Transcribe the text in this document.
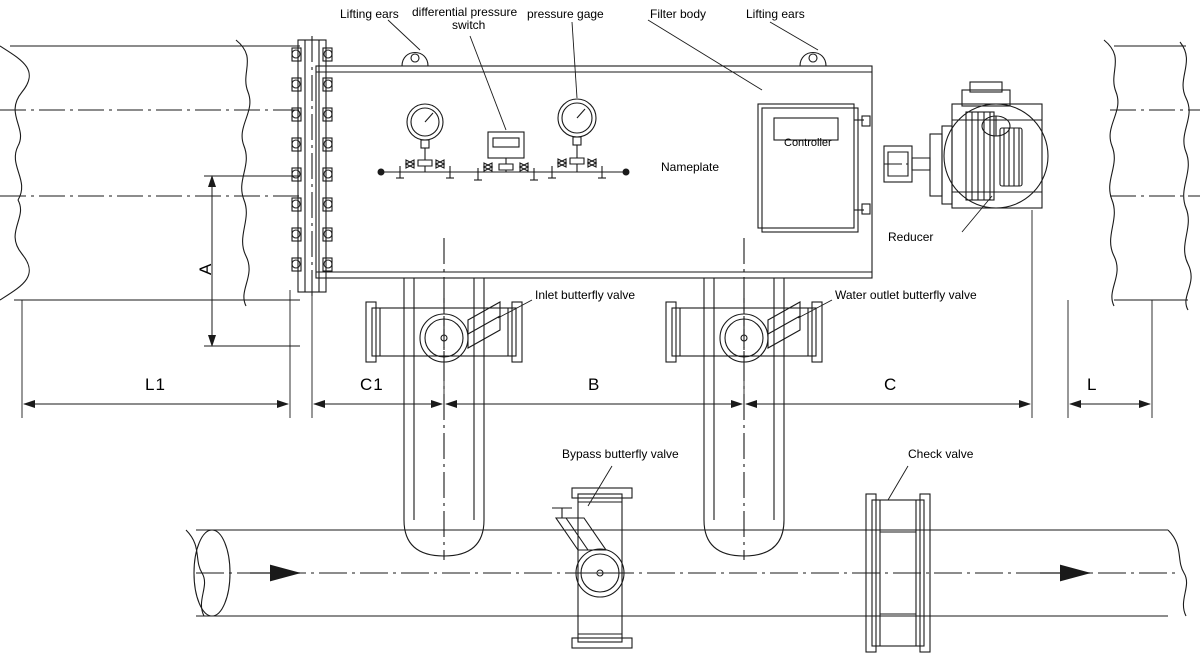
Lifting ears differential pressure
switch
pressure gage	Filter body	Lifting ears
Nameplate
Controller
Reducer
Inlet butterfly valve	Water outlet butterfly valve
Bypass butterfly valve	Check valve
A
L1	C1	B	C	L
